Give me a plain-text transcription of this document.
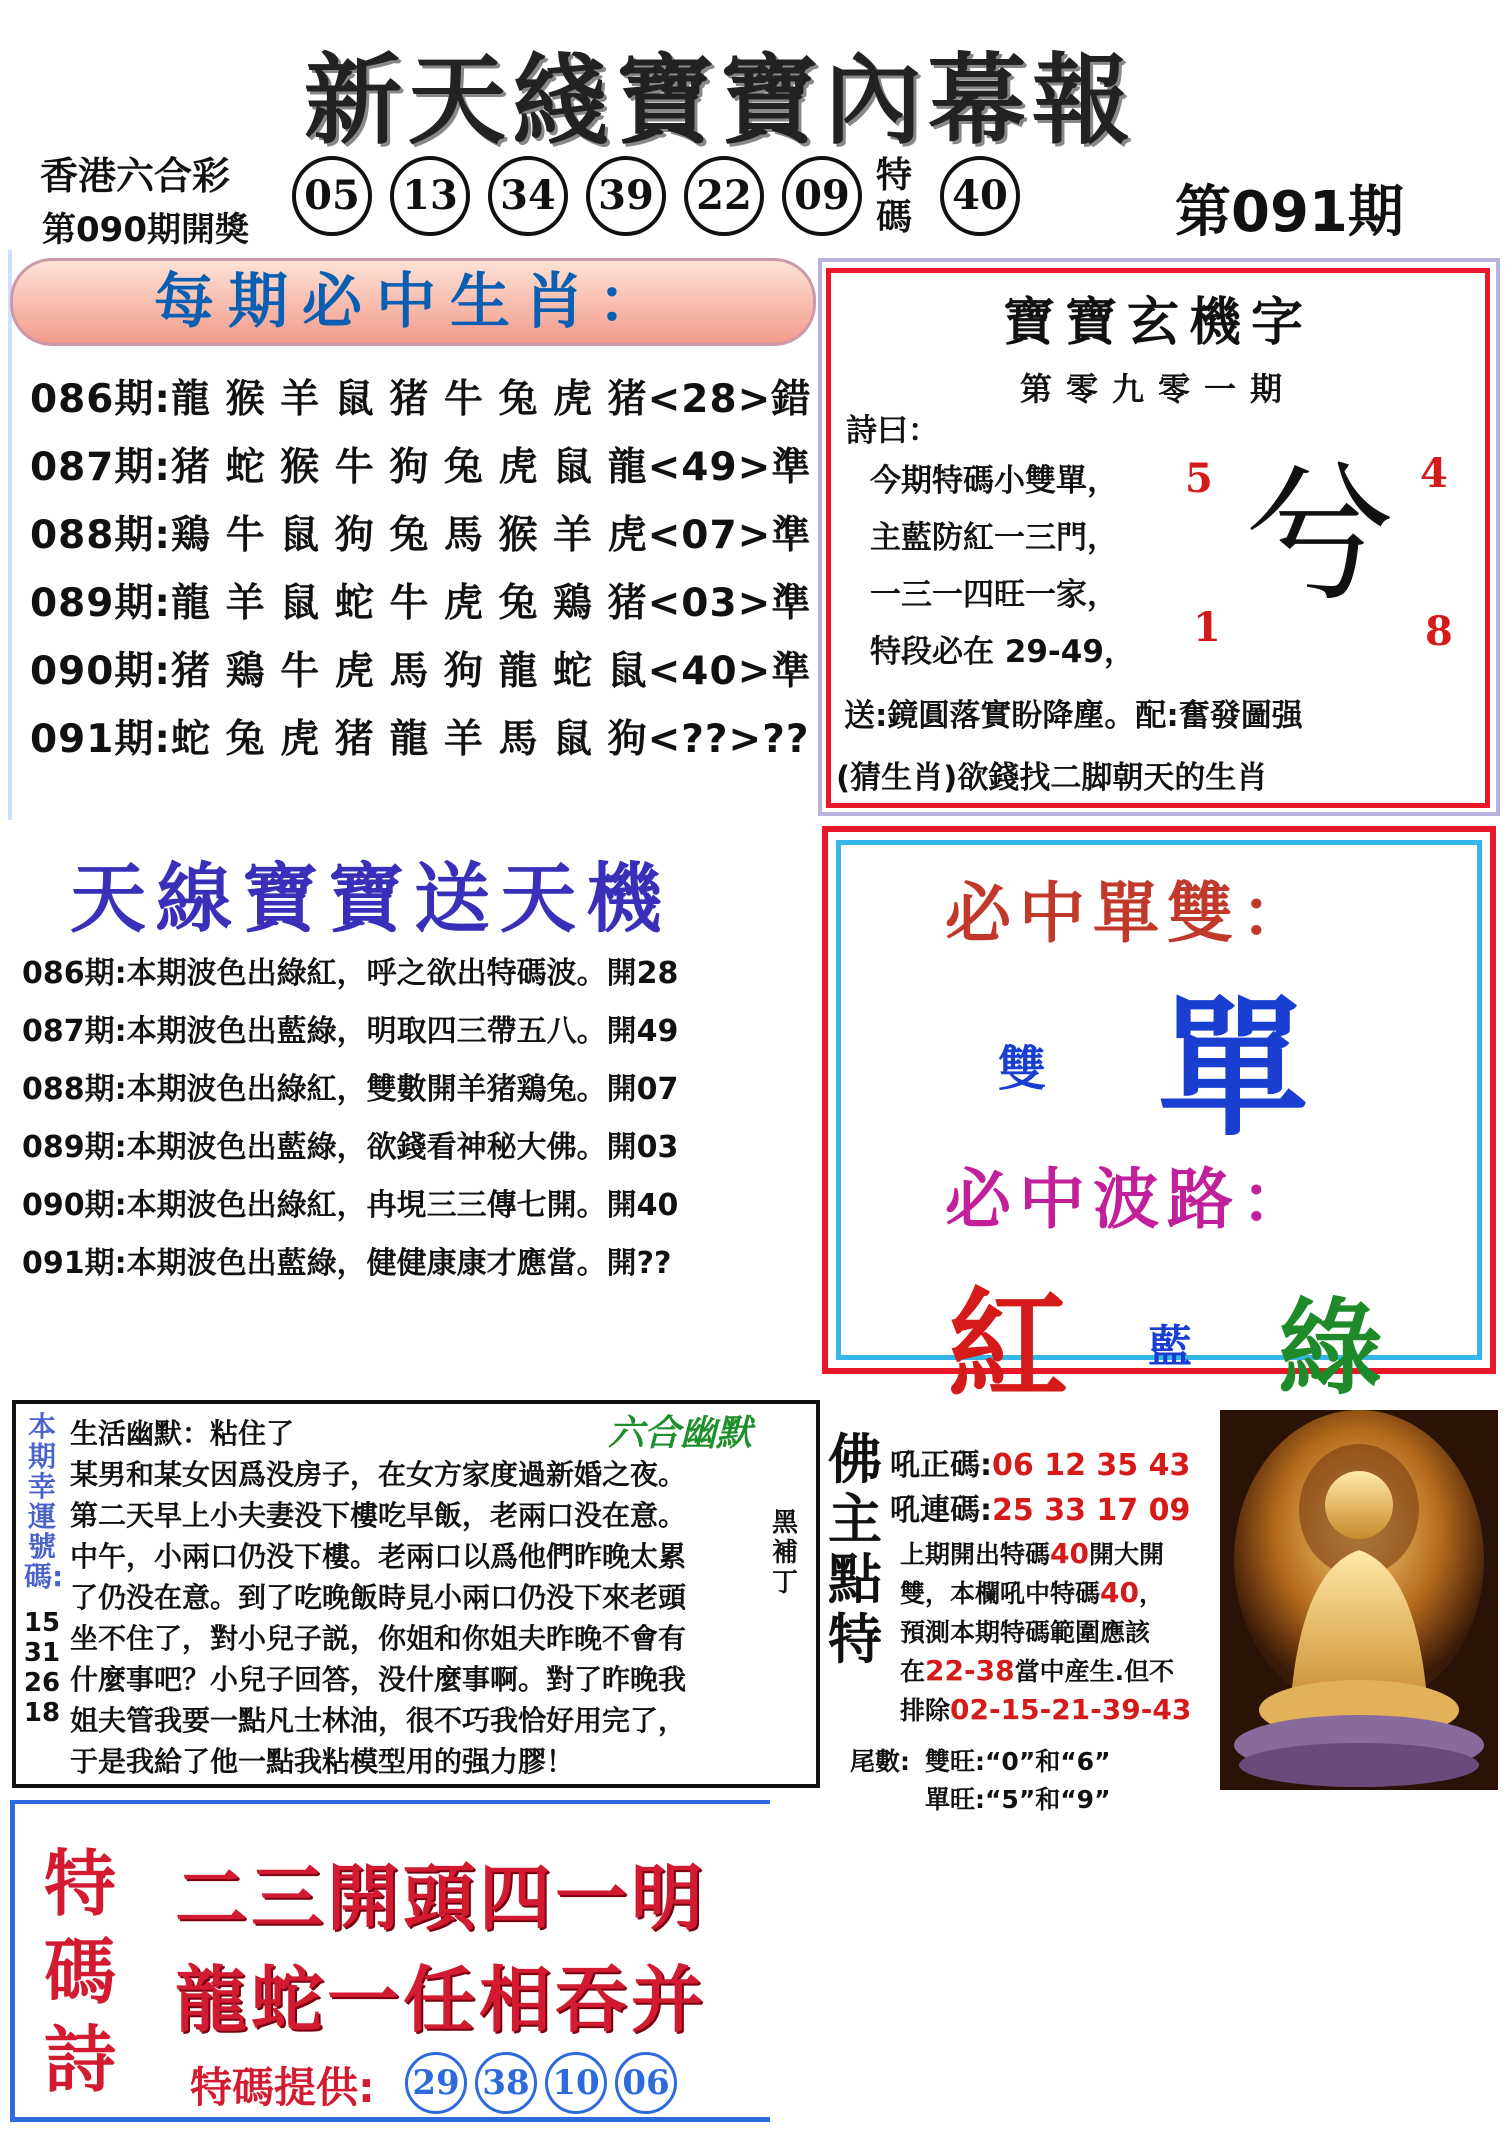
新天綫寶寶內幕報
香港六合彩
第090期開獎
05	13	34	39	22	09 特碼	40	第091期
每期必中生肖：
086期:龍 猴 羊 鼠 猪 牛 兔 虎 猪<28>錯
087期:猪 蛇 猴 牛 狗 兔 虎 鼠 龍<49>準
088期:鶏 牛 鼠 狗 兔 馬 猴 羊 虎<07>準
089期:龍 羊 鼠 蛇 牛 虎 兔 鶏 猪<03>準
090期:猪 鶏 牛 虎 馬 狗 龍 蛇 鼠<40>準
091期:蛇 兔 虎 猪 龍 羊 馬 鼠 狗<??>??
寶寶玄機字
第零九零一期
詩曰：
今期特碼小雙單，
主藍防紅一三門，
一三一四旺一家，
特段必在 29-49，
5	4
1	8
兮
送:鏡圓落實盼降塵。配:奮發圖强
(猜生肖)欲錢找二脚朝天的生肖
天線寶寶送天機
086期:本期波色出綠紅，呼之欲出特碼波。開28
087期:本期波色出藍綠，明取四三帶五八。開49
088期:本期波色出綠紅，雙數開羊猪鶏兔。開07
089期:本期波色出藍綠，欲錢看神秘大佛。開03
090期:本期波色出綠紅，冉垷三三傳七開。開40
091期:本期波色出藍綠，健健康康才應當。開??
必中單雙：
雙 單
必中波路：
紅 藍 綠
本期幸運號碼:
15 31 26 18
六合幽默
黑補丁
生活幽默：粘住了
某男和某女因爲没房子，在女方家度過新婚之夜。
第二天早上小夫妻没下樓吃早飯，老兩口没在意。
中午，小兩口仍没下樓。老兩口以爲他們昨晚太累
了仍没在意。到了吃晚飯時見小兩口仍没下來老頭
坐不住了，對小兒子説，你姐和你姐夫昨晚不會有
什麼事吧？小兒子回答，没什麼事啊。對了昨晚我
姐夫管我要一點凡士林油，很不巧我恰好用完了，
于是我給了他一點我粘模型用的强力膠！
佛主點特
吼正碼:06 12 35 43
吼連碼:25 33 17 09
上期開出特碼40開大開
雙，本欄吼中特碼40，
預測本期特碼範圍應該
在22-38當中産生.但不
排除02-15-21-39-43
尾數: 雙旺:“0”和“6”
單旺:“5”和“9”
特碼詩
二三開頭四一明
龍蛇一任相吞并
特碼提供: 29 38 10 06
